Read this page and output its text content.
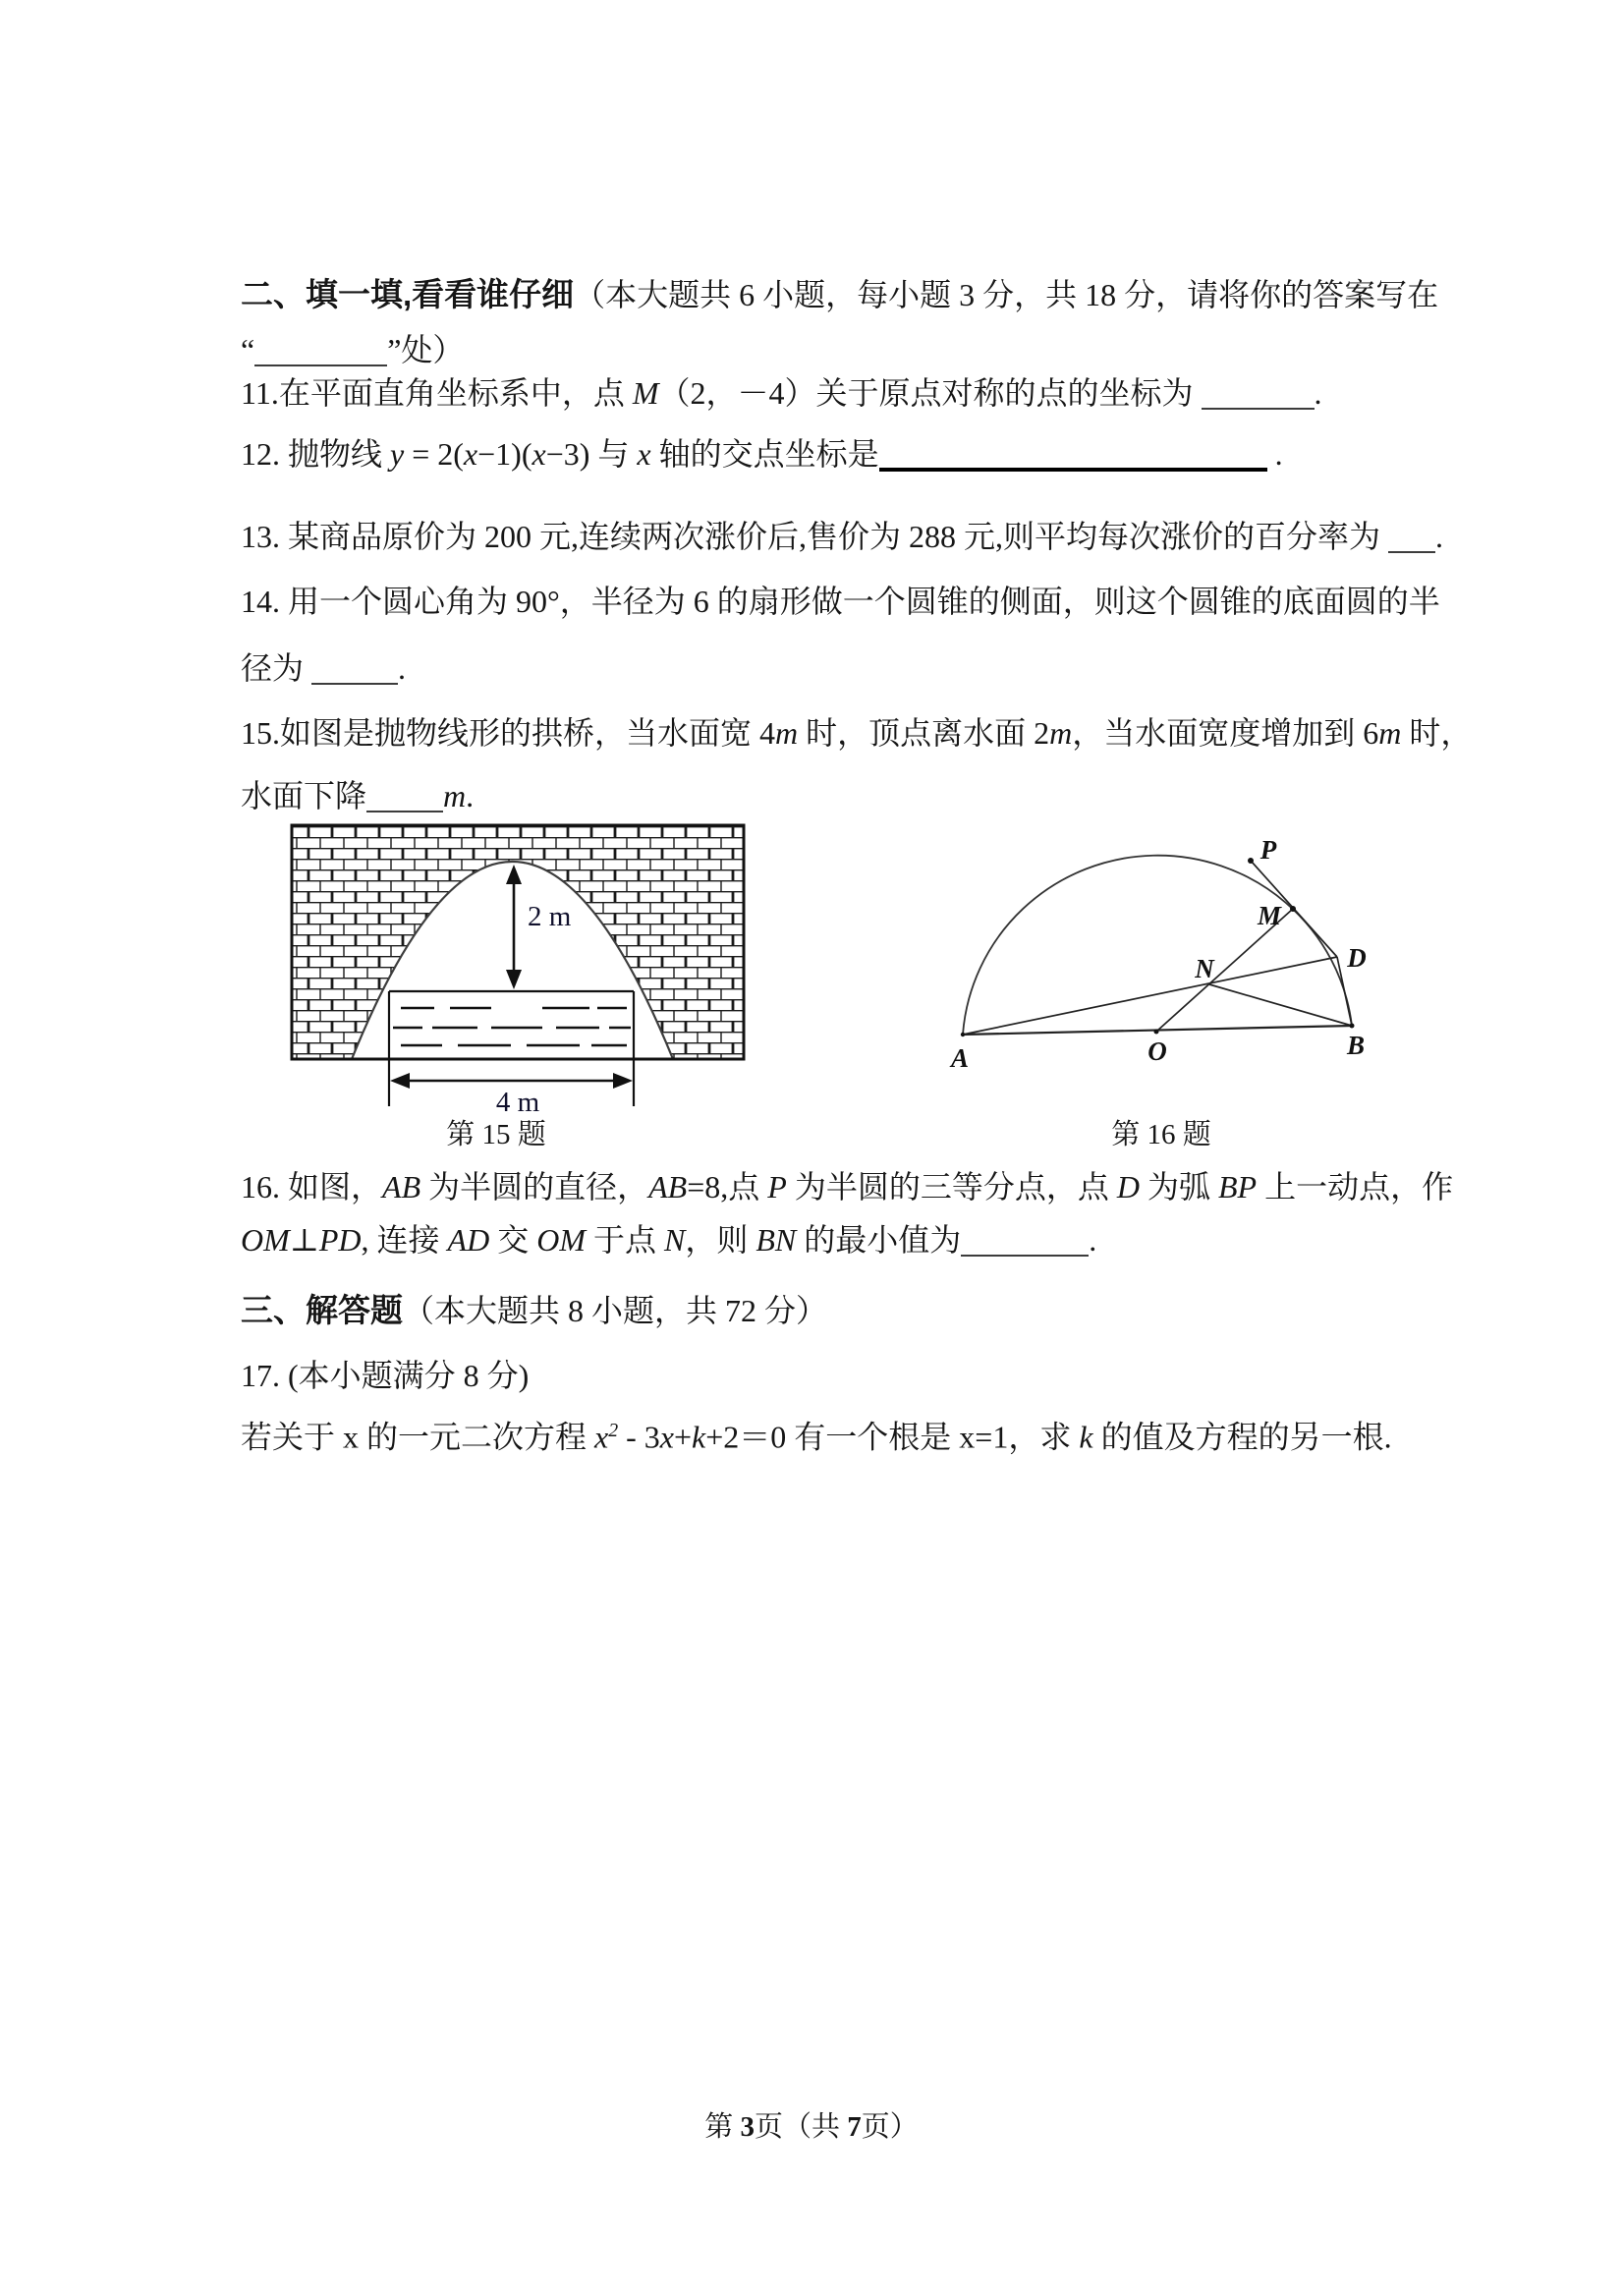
二、填一填,看看谁仔细（本大题共 6 小题，每小题 3 分，共 18 分，请将你的答案写在
“	”处）
11.在平面直角坐标系中，点 M（2，－4）关于原点对称的点的坐标为	.
12. 抛物线 y = 2(x−1)(x−3) 与 x 轴的交点坐标是	.
13. 某商品原价为 200 元,连续两次涨价后,售价为 288 元,则平均每次涨价的百分率为 .
14. 用一个圆心角为 90°，半径为 6 的扇形做一个圆锥的侧面，则这个圆锥的底面圆的半
径为	.
15.如图是抛物线形的拱桥，当水面宽 4m 时，顶点离水面 2m，当水面宽度增加到 6m 时，
水面下降 m.
2 m
4 m
第 15 题
A	O	B
P
M
N	D
第 16 题
16. 如图，AB 为半圆的直径，AB=8,点 P 为半圆的三等分点，点 D 为弧 BP 上一动点，作
OM⊥PD, 连接 AD 交 OM 于点 N，则 BN 的最小值为	.
三、解答题（本大题共 8 小题，共 72 分）
17. (本小题满分 8 分)
若关于 x 的一元二次方程 $x^2 - 3x+k+2=0$ 有一个根是 x=1，求 k 的值及方程的另一根.
第 3页（共 7页）
